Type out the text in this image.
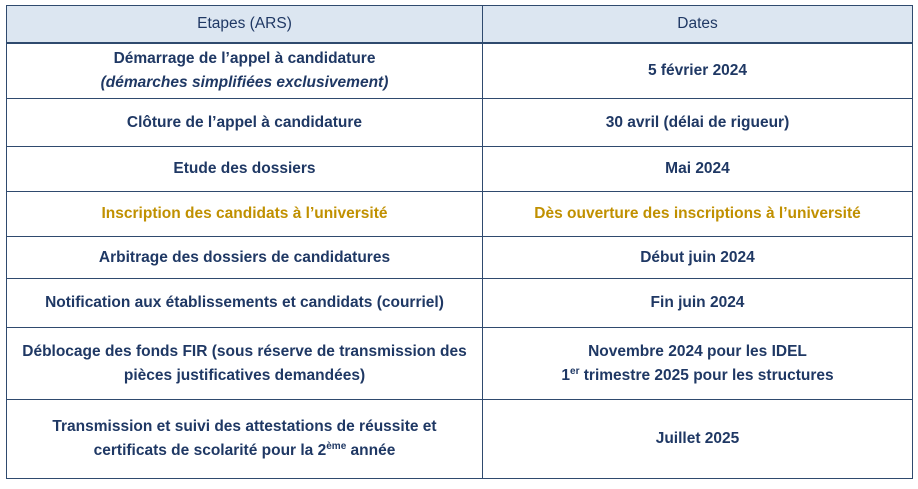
Etapes (ARS)	Dates
Démarrage de l’appel à candidature
(démarches simplifiées exclusivement)	5 février 2024
Clôture de l’appel à candidature	30 avril (délai de rigueur)
Etude des dossiers	Mai 2024
Inscription des candidats à l’université	Dès ouverture des inscriptions à l’université
Arbitrage des dossiers de candidatures	Début juin 2024
Notification aux établissements et candidats (courriel)	Fin juin 2024
Déblocage des fonds FIR (sous réserve de transmission des pièces justificatives demandées)	Novembre 2024 pour les IDEL
1er trimestre 2025 pour les structures
Transmission et suivi des attestations de réussite et
certificats de scolarité pour la 2ème année	Juillet 2025
